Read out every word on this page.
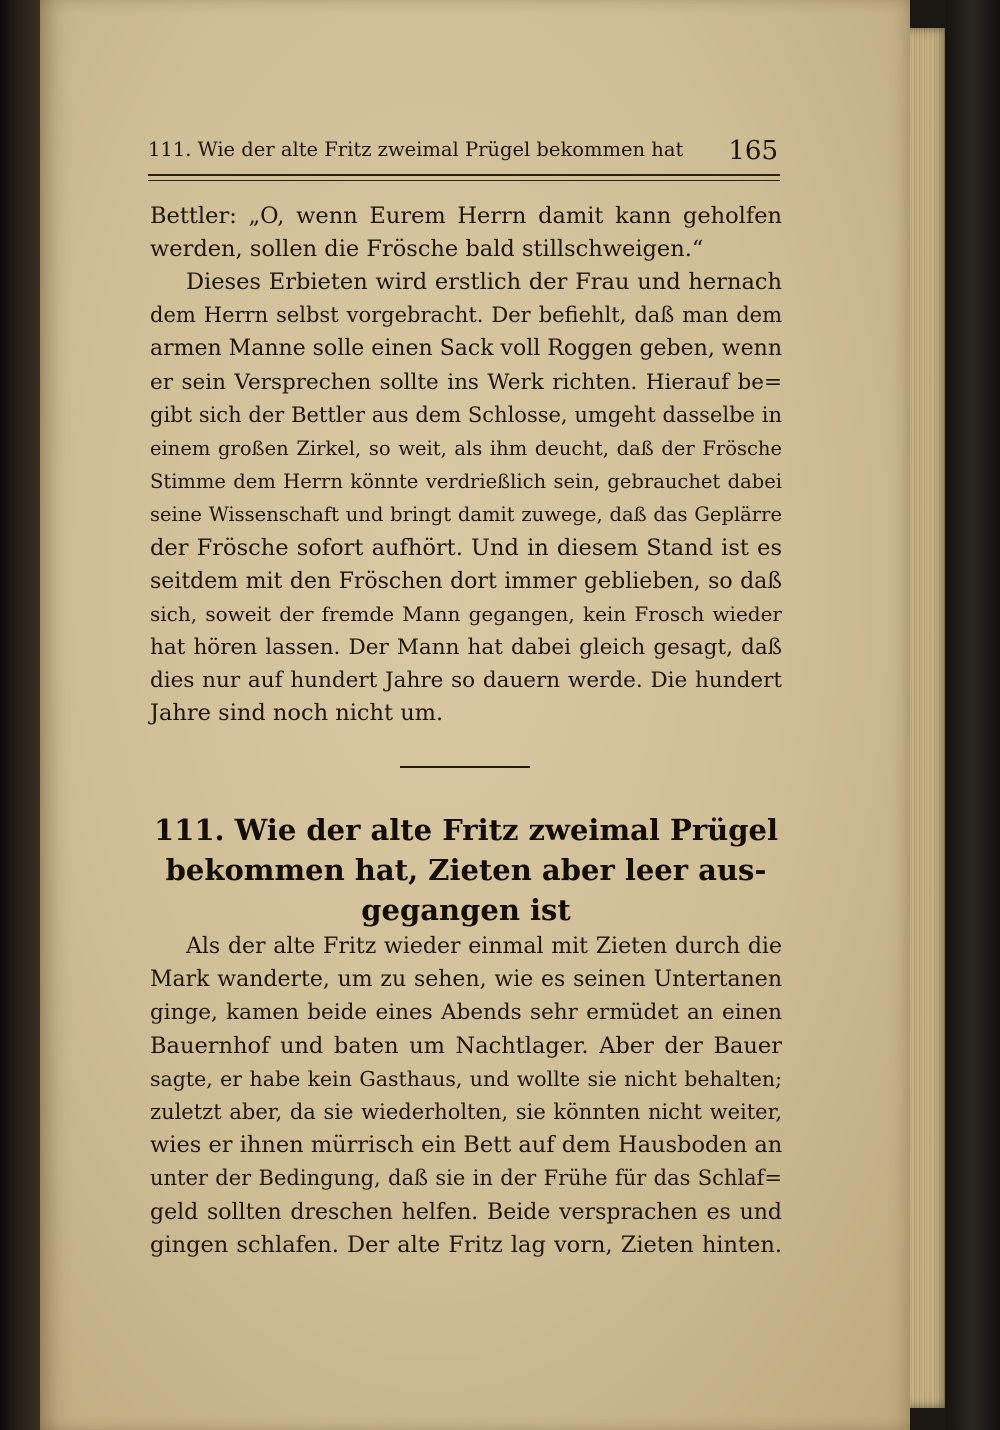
111. Wie der alte Fritz zweimal Prügel bekommen hat 165
Bettler: „O, wenn Eurem Herrn damit kann geholfen
werden, sollen die Frösche bald stillschweigen.“
Dieses Erbieten wird erstlich der Frau und hernach
dem Herrn selbst vorgebracht. Der befiehlt, daß man dem
armen Manne solle einen Sack voll Roggen geben, wenn
er sein Versprechen sollte ins Werk richten. Hierauf be=
gibt sich der Bettler aus dem Schlosse, umgeht dasselbe in
einem großen Zirkel, so weit, als ihm deucht, daß der Frösche
Stimme dem Herrn könnte verdrießlich sein, gebrauchet dabei
seine Wissenschaft und bringt damit zuwege, daß das Geplärre
der Frösche sofort aufhört. Und in diesem Stand ist es
seitdem mit den Fröschen dort immer geblieben, so daß
sich, soweit der fremde Mann gegangen, kein Frosch wieder
hat hören lassen. Der Mann hat dabei gleich gesagt, daß
dies nur auf hundert Jahre so dauern werde. Die hundert
Jahre sind noch nicht um.
111. Wie der alte Fritz zweimal Prügel
bekommen hat, Zieten aber leer aus-
gegangen ist
Als der alte Fritz wieder einmal mit Zieten durch die
Mark wanderte, um zu sehen, wie es seinen Untertanen
ginge, kamen beide eines Abends sehr ermüdet an einen
Bauernhof und baten um Nachtlager. Aber der Bauer
sagte, er habe kein Gasthaus, und wollte sie nicht behalten;
zuletzt aber, da sie wiederholten, sie könnten nicht weiter,
wies er ihnen mürrisch ein Bett auf dem Hausboden an
unter der Bedingung, daß sie in der Frühe für das Schlaf=
geld sollten dreschen helfen. Beide versprachen es und
gingen schlafen. Der alte Fritz lag vorn, Zieten hinten.
